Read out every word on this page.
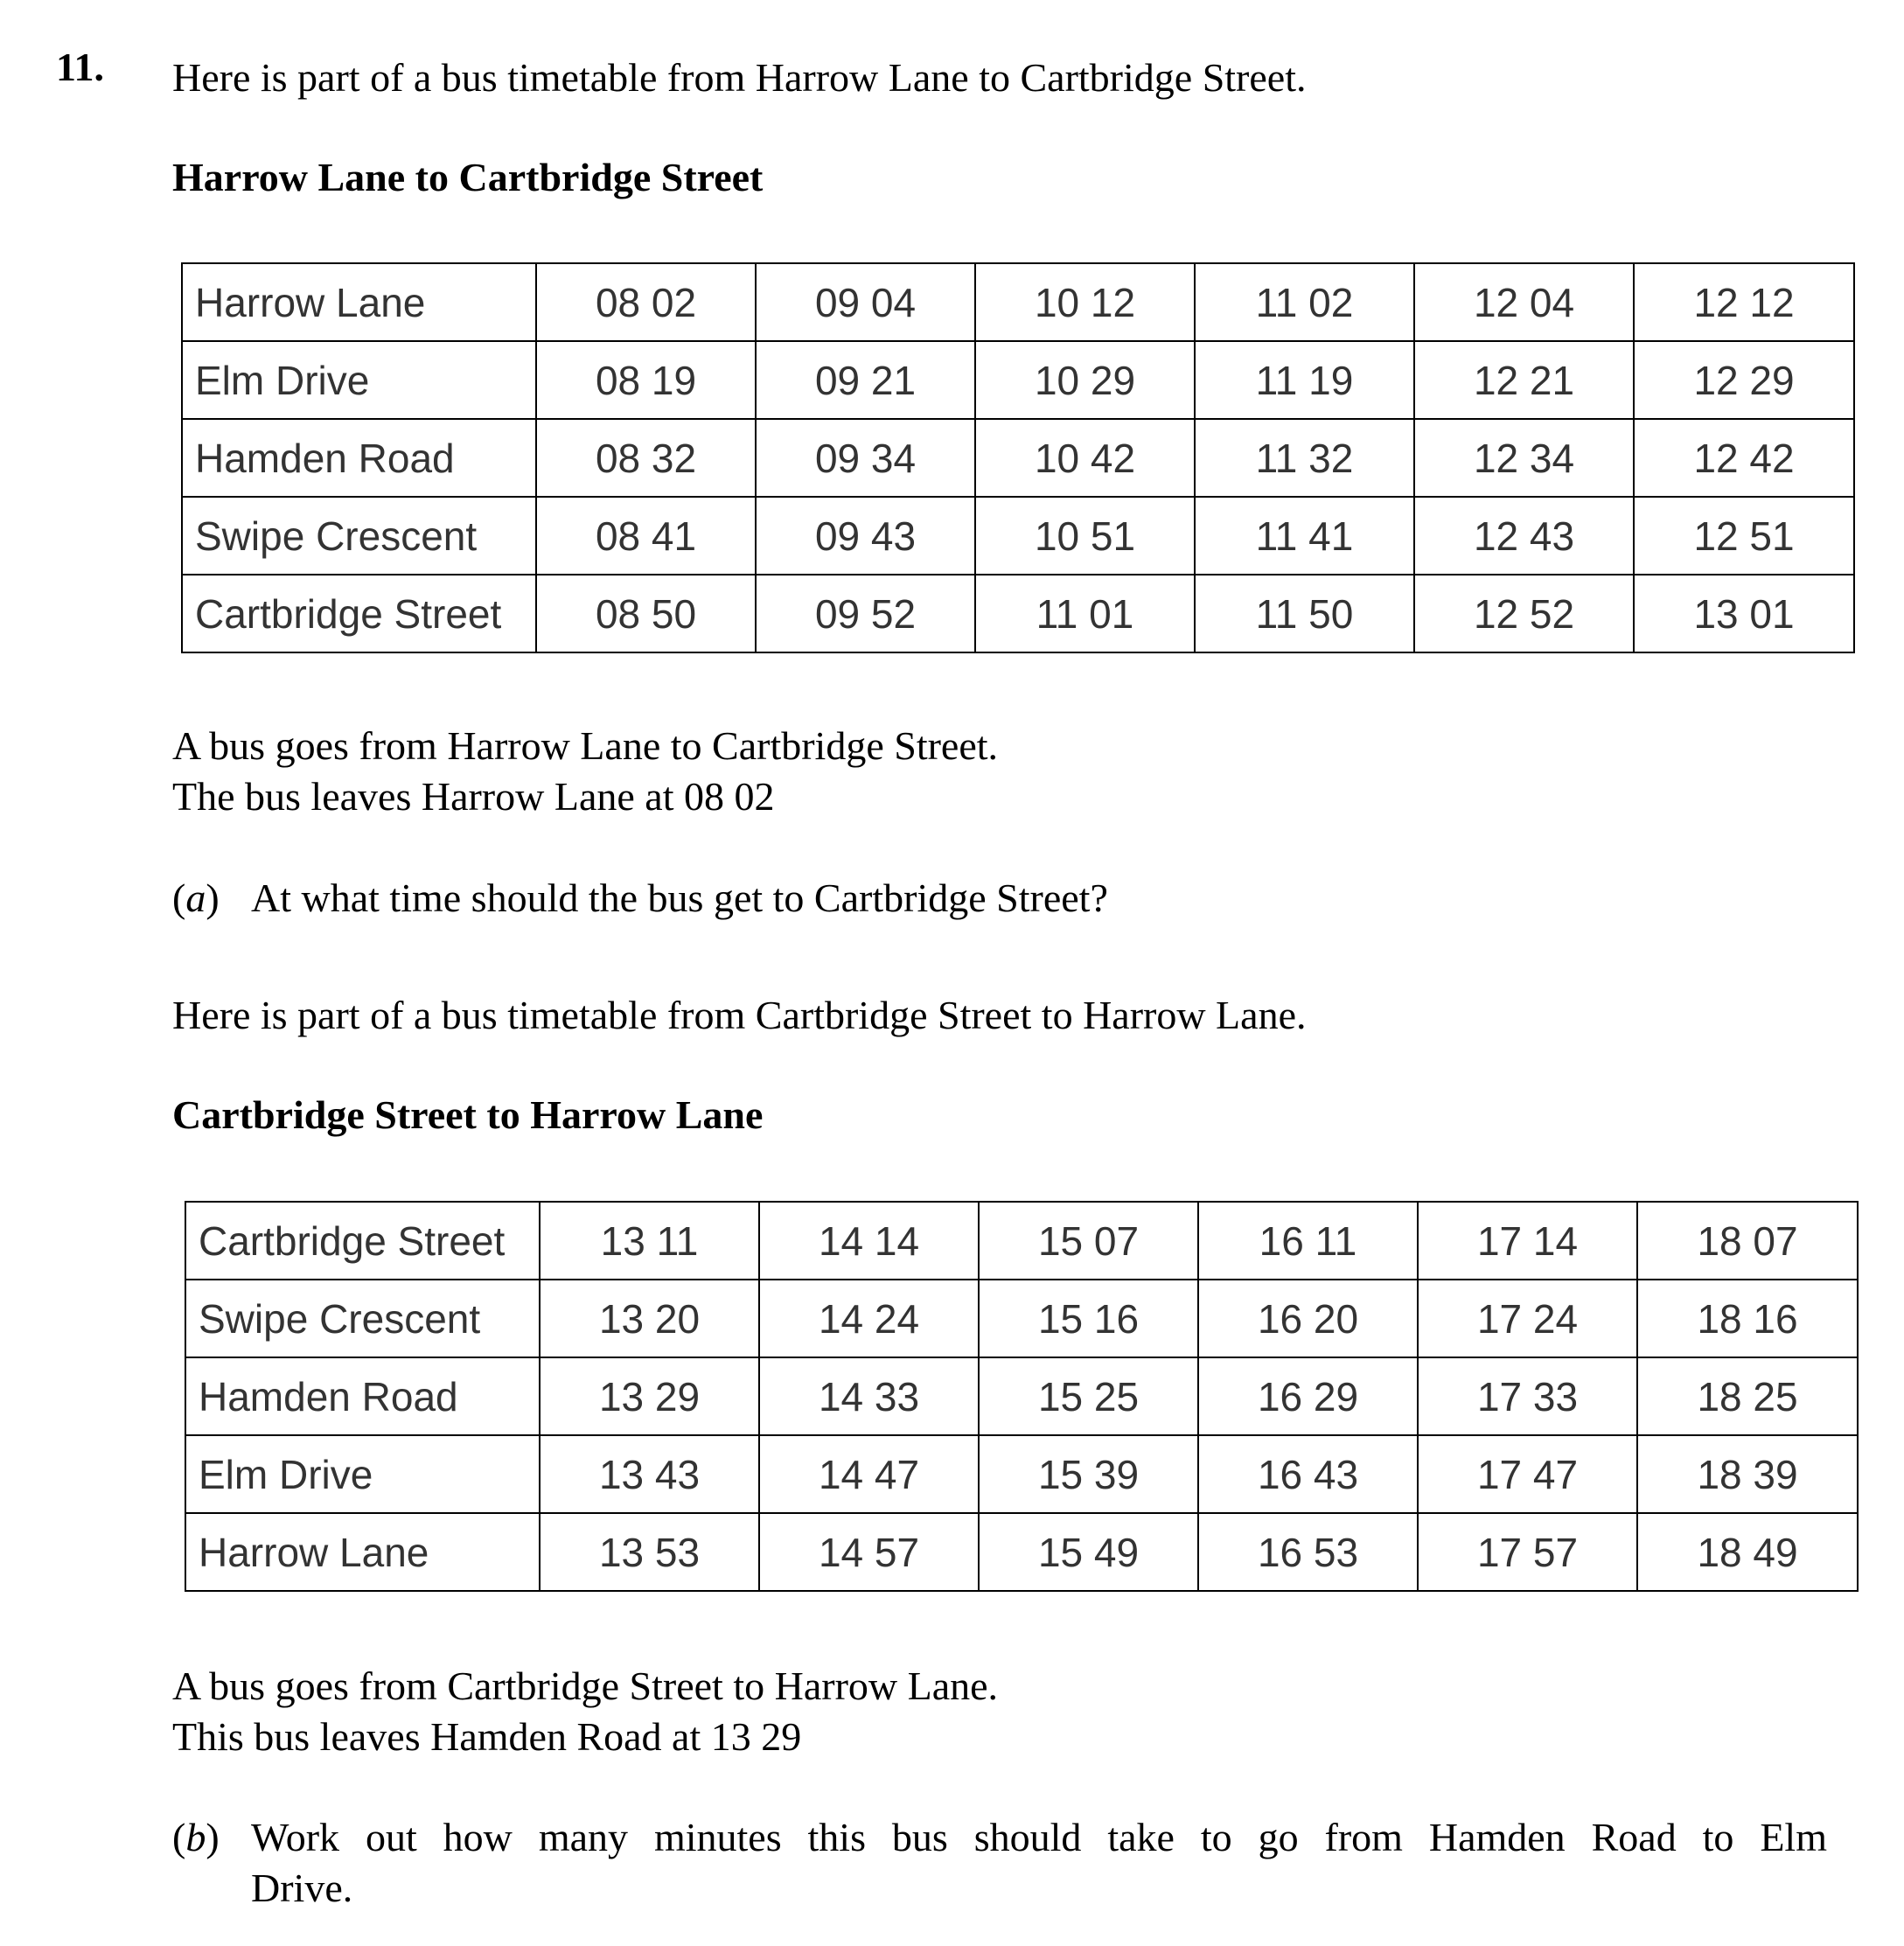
11. Here is part of a bus timetable from Harrow Lane to Cartbridge Street.
Harrow Lane to Cartbridge Street
Harrow Lane	08 02	09 04	10 12	11 02	12 04	12 12
Elm Drive	08 19	09 21	10 29	11 19	12 21	12 29
Hamden Road	08 32	09 34	10 42	11 32	12 34	12 42
Swipe Crescent	08 41	09 43	10 51	11 41	12 43	12 51
Cartbridge Street	08 50	09 52	11 01	11 50	12 52	13 01
A bus goes from Harrow Lane to Cartbridge Street.
The bus leaves Harrow Lane at 08 02
(a) At what time should the bus get to Cartbridge Street?
Here is part of a bus timetable from Cartbridge Street to Harrow Lane.
Cartbridge Street to Harrow Lane
Cartbridge Street	13 11	14 14	15 07	16 11	17 14	18 07
Swipe Crescent	13 20	14 24	15 16	16 20	17 24	18 16
Hamden Road	13 29	14 33	15 25	16 29	17 33	18 25
Elm Drive	13 43	14 47	15 39	16 43	17 47	18 39
Harrow Lane	13 53	14 57	15 49	16 53	17 57	18 49
A bus goes from Cartbridge Street to Harrow Lane.
This bus leaves Hamden Road at 13 29
(b) Work out how many minutes this bus should take to go from Hamden Road to Elm
Drive.
